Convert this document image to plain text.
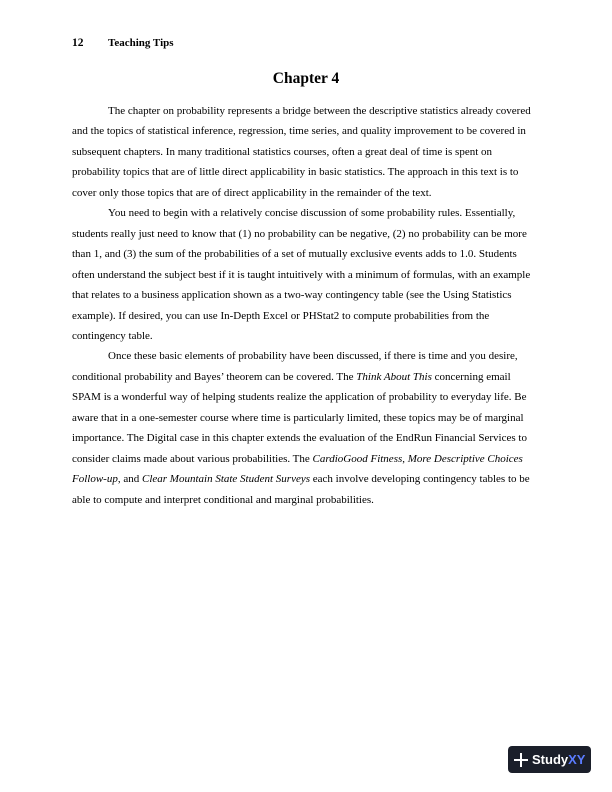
12 Teaching Tips
Chapter 4

The chapter on probability represents a bridge between the descriptive statistics already covered and the topics of statistical inference, regression, time series, and quality improvement to be covered in subsequent chapters. In many traditional statistics courses, often a great deal of time is spent on probability topics that are of little direct applicability in basic statistics. The approach in this text is to cover only those topics that are of direct applicability in the remainder of the text.

You need to begin with a relatively concise discussion of some probability rules. Essentially, students really just need to know that (1) no probability can be negative, (2) no probability can be more than 1, and (3) the sum of the probabilities of a set of mutually exclusive events adds to 1.0. Students often understand the subject best if it is taught intuitively with a minimum of formulas, with an example that relates to a business application shown as a two-way contingency table (see the Using Statistics example). If desired, you can use In-Depth Excel or PHStat2 to compute probabilities from the contingency table.

Once these basic elements of probability have been discussed, if there is time and you desire, conditional probability and Bayes’ theorem can be covered. The Think About This concerning email SPAM is a wonderful way of helping students realize the application of probability to everyday life. Be aware that in a one-semester course where time is particularly limited, these topics may be of marginal importance. The Digital case in this chapter extends the evaluation of the EndRun Financial Services to consider claims made about various probabilities. The CardioGood Fitness, More Descriptive Choices Follow-up, and Clear Mountain State Student Surveys each involve developing contingency tables to be able to compute and interpret conditional and marginal probabilities.

Study XY
